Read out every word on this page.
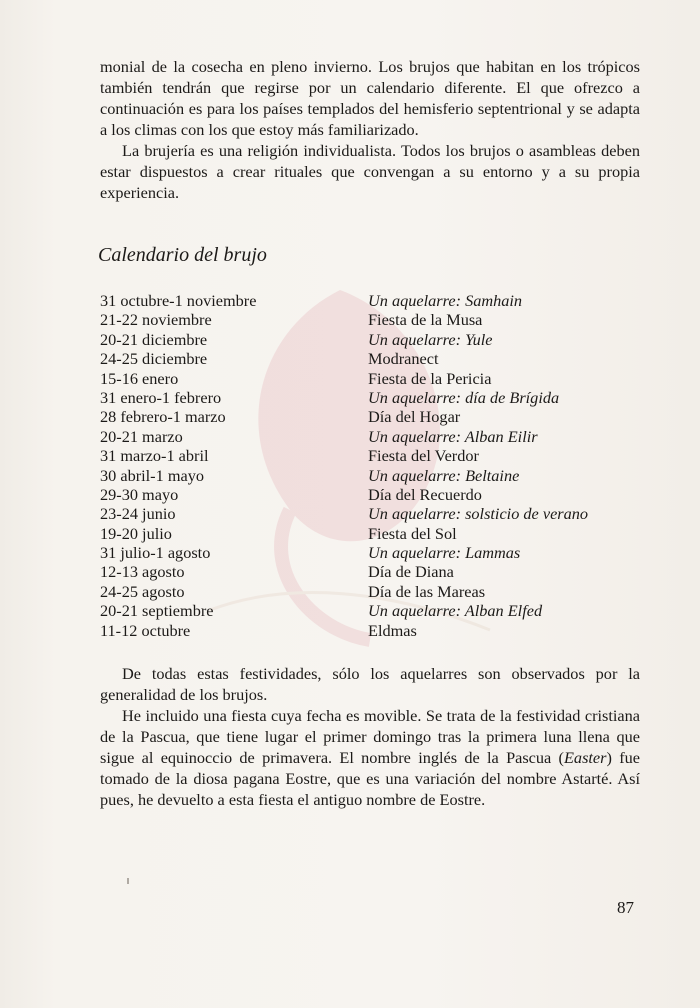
monial de la cosecha en pleno invierno. Los brujos que habitan en los trópicos también tendrán que regirse por un calendario diferente. El que ofrezco a continuación es para los países templados del hemisferio septentrional y se adapta a los climas con los que estoy más familiarizado.

La brujería es una religión individualista. Todos los brujos o asambleas deben estar dispuestos a crear rituales que convengan a su entorno y a su propia experiencia.

Calendario del brujo
31 octubre-1 noviembre	Un aquelarre: Samhain
21-22 noviembre	Fiesta de la Musa
20-21 diciembre	Un aquelarre: Yule
24-25 diciembre	Modranect
15-16 enero	Fiesta de la Pericia
31 enero-1 febrero	Un aquelarre: día de Brígida
28 febrero-1 marzo	Día del Hogar
20-21 marzo	Un aquelarre: Alban Eilir
31 marzo-1 abril	Fiesta del Verdor
30 abril-1 mayo	Un aquelarre: Beltaine
29-30 mayo	Día del Recuerdo
23-24 junio	Un aquelarre: solsticio de verano
19-20 julio	Fiesta del Sol
31 julio-1 agosto	Un aquelarre: Lammas
12-13 agosto	Día de Diana
24-25 agosto	Día de las Mareas
20-21 septiembre	Un aquelarre: Alban Elfed
11-12 octubre	Eldmas

De todas estas festividades, sólo los aquelarres son observados por la generalidad de los brujos.

He incluido una fiesta cuya fecha es movible. Se trata de la festividad cristiana de la Pascua, que tiene lugar el primer domingo tras la primera luna llena que sigue al equinoccio de primavera. El nombre inglés de la Pascua (Easter) fue tomado de la diosa pagana Eostre, que es una variación del nombre Astarté. Así pues, he devuelto a esta fiesta el antiguo nombre de Eostre.

87
